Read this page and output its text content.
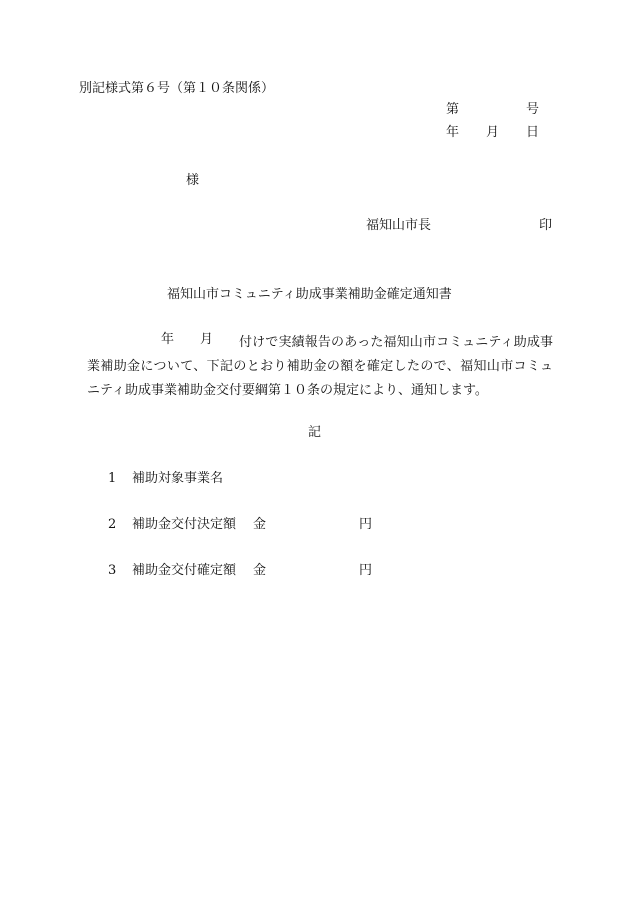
別記様式第６号（第１０条関係）
第	号
年 月 日
様
福知山市長	印
福知山市コミュニティ助成事業補助金確定通知書
年 月	付けで実績報告のあった福知山市コミュニティ助成事業補助金について、下記のとおり補助金の額を確定したので、福知山市コミュニティ助成事業補助金交付要綱第１０条の規定により、通知します。
記
1 補助対象事業名
2 補助金交付決定額 金	円
3 補助金交付確定額 金	円
